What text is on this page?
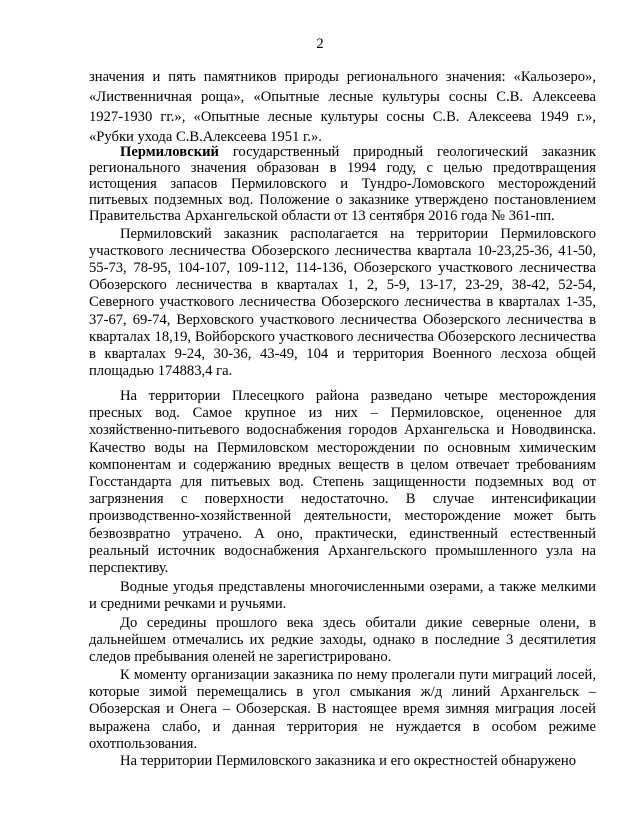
2
значения и пять памятников природы регионального значения: «Кальозеро»,
«Лиственничная роща», «Опытные лесные культуры сосны С.В. Алексеева
1927-1930 гг.», «Опытные лесные культуры сосны С.В. Алексеева 1949 г.»,
«Рубки ухода С.В.Алексеева 1951 г.».
Пермиловский государственный природный геологический заказник
регионального значения образован в 1994 году, с целью предотвращения
истощения запасов Пермиловского и Тундро-Ломовского месторождений
питьевых подземных вод. Положение о заказнике утверждено постановлением
Правительства Архангельской области от 13 сентября 2016 года № 361-пп.
Пермиловский заказник располагается на территории Пермиловского
участкового лесничества Обозерского лесничества квартала 10-23,25-36, 41-50,
55-73, 78-95, 104-107, 109-112, 114-136, Обозерского участкового лесничества
Обозерского лесничества в кварталах 1, 2, 5-9, 13-17, 23-29, 38-42, 52-54,
Северного участкового лесничества Обозерского лесничества в кварталах 1-35,
37-67, 69-74, Верховского участкового лесничества Обозерского лесничества в
кварталах 18,19, Войборского участкового лесничества Обозерского лесничества
в кварталах 9-24, 30-36, 43-49, 104 и территория Военного лесхоза общей
площадью 174883,4 га.
На территории Плесецкого района разведано четыре месторождения
пресных вод. Самое крупное из них – Пермиловское, оцененное для
хозяйственно-питьевого водоснабжения городов Архангельска и Новодвинска.
Качество воды на Пермиловском месторождении по основным химическим
компонентам и содержанию вредных веществ в целом отвечает требованиям
Госстандарта для питьевых вод. Степень защищенности подземных вод от
загрязнения с поверхности недостаточно. В случае интенсификации
производственно-хозяйственной деятельности, месторождение может быть
безвозвратно утрачено. А оно, практически, единственный естественный
реальный источник водоснабжения Архангельского промышленного узла на
перспективу.
Водные угодья представлены многочисленными озерами, а также мелкими
и средними речками и ручьями.
До середины прошлого века здесь обитали дикие северные олени, в
дальнейшем отмечались их редкие заходы, однако в последние 3 десятилетия
следов пребывания оленей не зарегистрировано.
К моменту организации заказника по нему пролегали пути миграций лосей,
которые зимой перемещались в угол смыкания ж/д линий Архангельск –
Обозерская и Онега – Обозерская. В настоящее время зимняя миграция лосей
выражена слабо, и данная территория не нуждается в особом режиме
охотпользования.
На территории Пермиловского заказника и его окрестностей обнаружено
